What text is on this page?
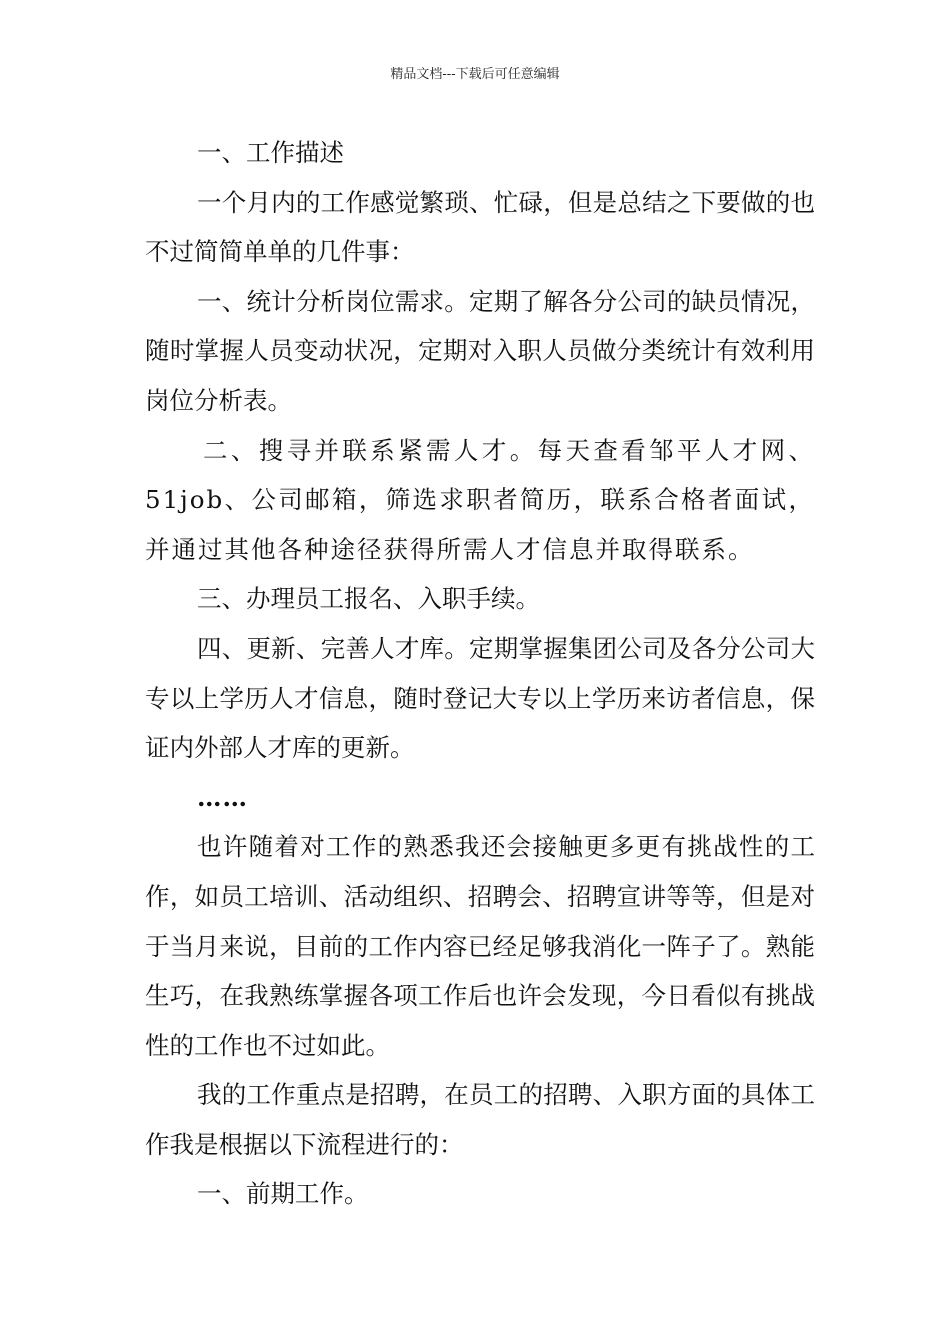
精品文档---下载后可任意编辑

一、工作描述

一个月内的工作感觉繁琐、忙碌，但是总结之下要做的也不过简简单单的几件事：

一、统计分析岗位需求。定期了解各分公司的缺员情况，随时掌握人员变动状况，定期对入职人员做分类统计有效利用岗位分析表。

二、搜寻并联系紧需人才。每天查看邹平人才网、51job、公司邮箱，筛选求职者简历，联系合格者面试，并通过其他各种途径获得所需人才信息并取得联系。

三、办理员工报名、入职手续。

四、更新、完善人才库。定期掌握集团公司及各分公司大专以上学历人才信息，随时登记大专以上学历来访者信息，保证内外部人才库的更新。

……

也许随着对工作的熟悉我还会接触更多更有挑战性的工作，如员工培训、活动组织、招聘会、招聘宣讲等等，但是对于当月来说，目前的工作内容已经足够我消化一阵子了。熟能生巧，在我熟练掌握各项工作后也许会发现，今日看似有挑战性的工作也不过如此。

我的工作重点是招聘，在员工的招聘、入职方面的具体工作我是根据以下流程进行的：

一、前期工作。
